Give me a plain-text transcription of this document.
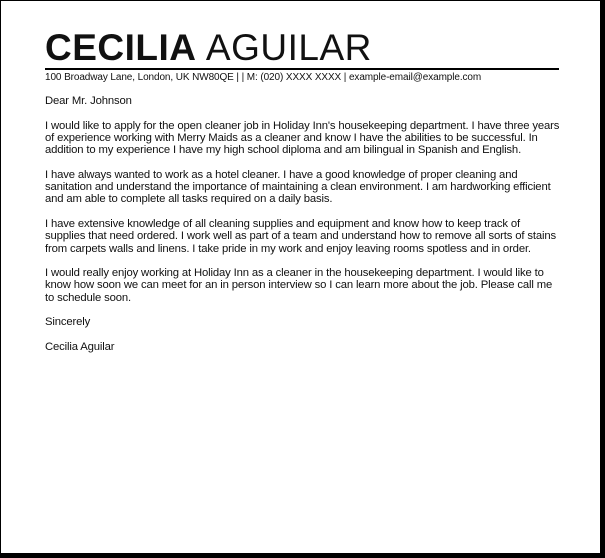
CECILIA AGUILAR
100 Broadway Lane, London, UK NW80QE | | M: (020) XXXX XXXX | example-email@example.com

Dear Mr. Johnson

I would like to apply for the open cleaner job in Holiday Inn's housekeeping department. I have three years of experience working with Merry Maids as a cleaner and know I have the abilities to be successful. In addition to my experience I have my high school diploma and am bilingual in Spanish and English.

I have always wanted to work as a hotel cleaner. I have a good knowledge of proper cleaning and sanitation and understand the importance of maintaining a clean environment. I am hardworking efficient and am able to complete all tasks required on a daily basis.

I have extensive knowledge of all cleaning supplies and equipment and know how to keep track of supplies that need ordered. I work well as part of a team and understand how to remove all sorts of stains from carpets walls and linens. I take pride in my work and enjoy leaving rooms spotless and in order.

I would really enjoy working at Holiday Inn as a cleaner in the housekeeping department. I would like to know how soon we can meet for an in person interview so I can learn more about the job. Please call me to schedule soon.

Sincerely

Cecilia Aguilar
